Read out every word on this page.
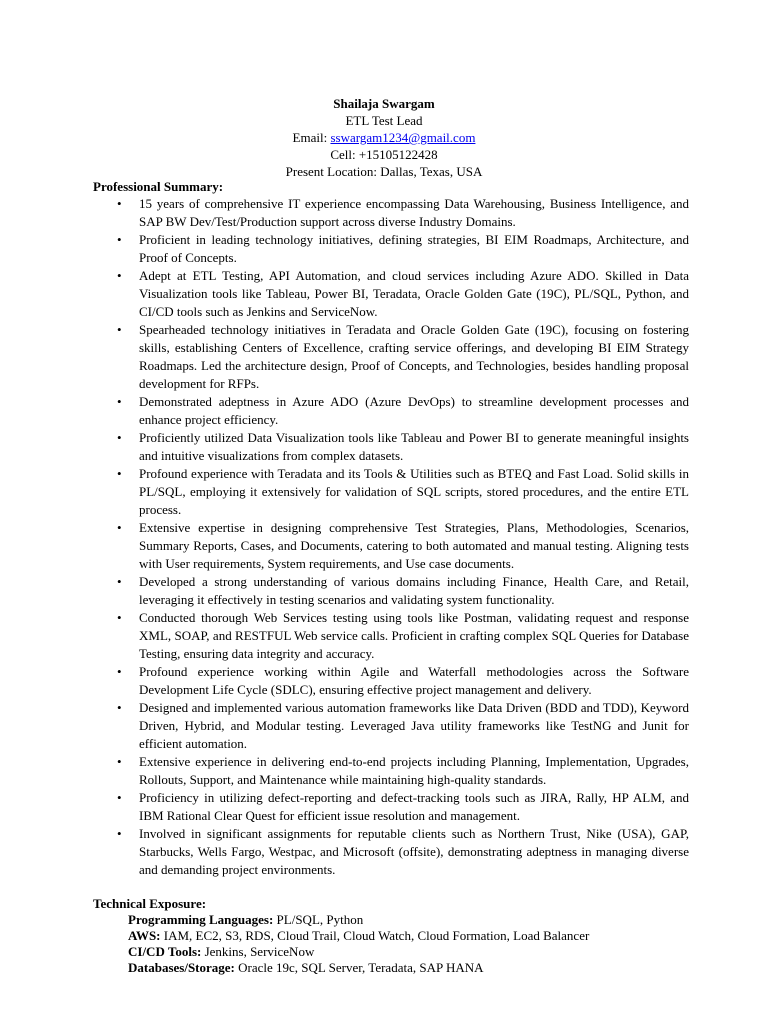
Shailaja Swargam
ETL Test Lead
Email: sswargam1234@gmail.com
Cell: +15105122428
Present Location: Dallas, Texas, USA
Professional Summary:
• 15 years of comprehensive IT experience encompassing Data Warehousing, Business Intelligence, and SAP BW Dev/Test/Production support across diverse Industry Domains.
• Proficient in leading technology initiatives, defining strategies, BI EIM Roadmaps, Architecture, and Proof of Concepts.
• Adept at ETL Testing, API Automation, and cloud services including Azure ADO. Skilled in Data Visualization tools like Tableau, Power BI, Teradata, Oracle Golden Gate (19C), PL/SQL, Python, and CI/CD tools such as Jenkins and ServiceNow.
• Spearheaded technology initiatives in Teradata and Oracle Golden Gate (19C), focusing on fostering skills, establishing Centers of Excellence, crafting service offerings, and developing BI EIM Strategy Roadmaps. Led the architecture design, Proof of Concepts, and Technologies, besides handling proposal development for RFPs.
• Demonstrated adeptness in Azure ADO (Azure DevOps) to streamline development processes and enhance project efficiency.
• Proficiently utilized Data Visualization tools like Tableau and Power BI to generate meaningful insights and intuitive visualizations from complex datasets.
• Profound experience with Teradata and its Tools & Utilities such as BTEQ and Fast Load. Solid skills in PL/SQL, employing it extensively for validation of SQL scripts, stored procedures, and the entire ETL process.
• Extensive expertise in designing comprehensive Test Strategies, Plans, Methodologies, Scenarios, Summary Reports, Cases, and Documents, catering to both automated and manual testing. Aligning tests with User requirements, System requirements, and Use case documents.
• Developed a strong understanding of various domains including Finance, Health Care, and Retail, leveraging it effectively in testing scenarios and validating system functionality.
• Conducted thorough Web Services testing using tools like Postman, validating request and response XML, SOAP, and RESTFUL Web service calls. Proficient in crafting complex SQL Queries for Database Testing, ensuring data integrity and accuracy.
• Profound experience working within Agile and Waterfall methodologies across the Software Development Life Cycle (SDLC), ensuring effective project management and delivery.
• Designed and implemented various automation frameworks like Data Driven (BDD and TDD), Keyword Driven, Hybrid, and Modular testing. Leveraged Java utility frameworks like TestNG and Junit for efficient automation.
• Extensive experience in delivering end-to-end projects including Planning, Implementation, Upgrades, Rollouts, Support, and Maintenance while maintaining high-quality standards.
• Proficiency in utilizing defect-reporting and defect-tracking tools such as JIRA, Rally, HP ALM, and IBM Rational Clear Quest for efficient issue resolution and management.
• Involved in significant assignments for reputable clients such as Northern Trust, Nike (USA), GAP, Starbucks, Wells Fargo, Westpac, and Microsoft (offsite), demonstrating adeptness in managing diverse and demanding project environments.
Technical Exposure:
Programming Languages: PL/SQL, Python
AWS: IAM, EC2, S3, RDS, Cloud Trail, Cloud Watch, Cloud Formation, Load Balancer
CI/CD Tools: Jenkins, ServiceNow
Databases/Storage: Oracle 19c, SQL Server, Teradata, SAP HANA
